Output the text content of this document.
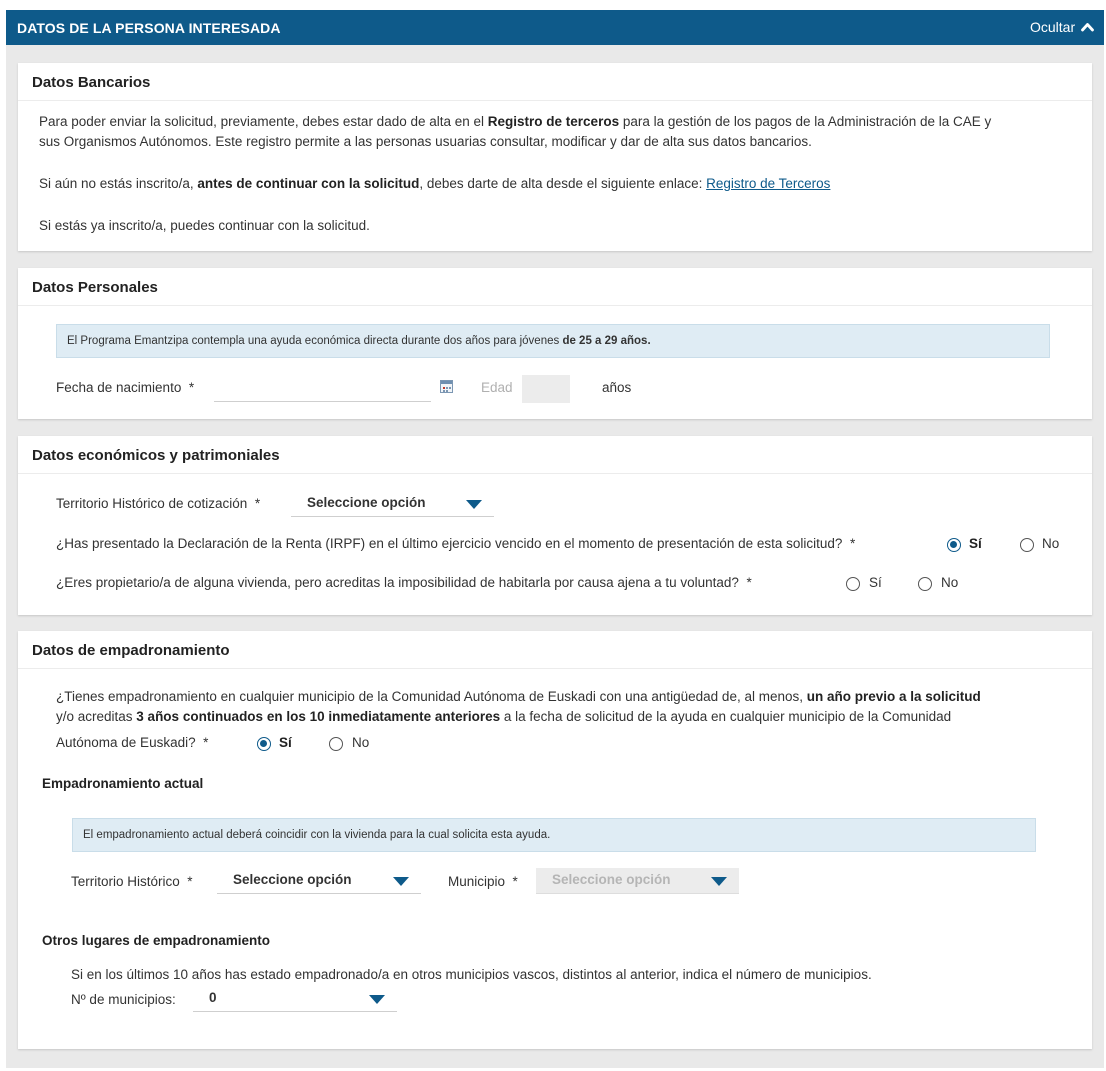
DATOS DE LA PERSONA INTERESADA	Ocultar
Datos Bancarios
Para poder enviar la solicitud, previamente, debes estar dado de alta en el Registro de terceros para la gestión de los pagos de la Administración de la CAE y
sus Organismos Autónomos. Este registro permite a las personas usuarias consultar, modificar y dar de alta sus datos bancarios.
Si aún no estás inscrito/a, antes de continuar con la solicitud, debes darte de alta desde el siguiente enlace: Registro de Terceros
Si estás ya inscrito/a, puedes continuar con la solicitud.
Datos Personales
El Programa Emantzipa contempla una ayuda económica directa durante dos años para jóvenes de 25 a 29 años.
Fecha de nacimiento *	Edad	años
Datos económicos y patrimoniales
Territorio Histórico de cotización *	Seleccione opción
¿Has presentado la Declaración de la Renta (IRPF) en el último ejercicio vencido en el momento de presentación de esta solicitud? *	Sí	No
¿Eres propietario/a de alguna vivienda, pero acreditas la imposibilidad de habitarla por causa ajena a tu voluntad? *	Sí	No
Datos de empadronamiento
¿Tienes empadronamiento en cualquier municipio de la Comunidad Autónoma de Euskadi con una antigüedad de, al menos, un año previo a la solicitud
y/o acreditas 3 años continuados en los 10 inmediatamente anteriores a la fecha de solicitud de la ayuda en cualquier municipio de la Comunidad
Autónoma de Euskadi? *	Sí	No
Empadronamiento actual
El empadronamiento actual deberá coincidir con la vivienda para la cual solicita esta ayuda.
Territorio Histórico *	Seleccione opción	Municipio *	Seleccione opción
Otros lugares de empadronamiento
Si en los últimos 10 años has estado empadronado/a en otros municipios vascos, distintos al anterior, indica el número de municipios.
Nº de municipios: 0
